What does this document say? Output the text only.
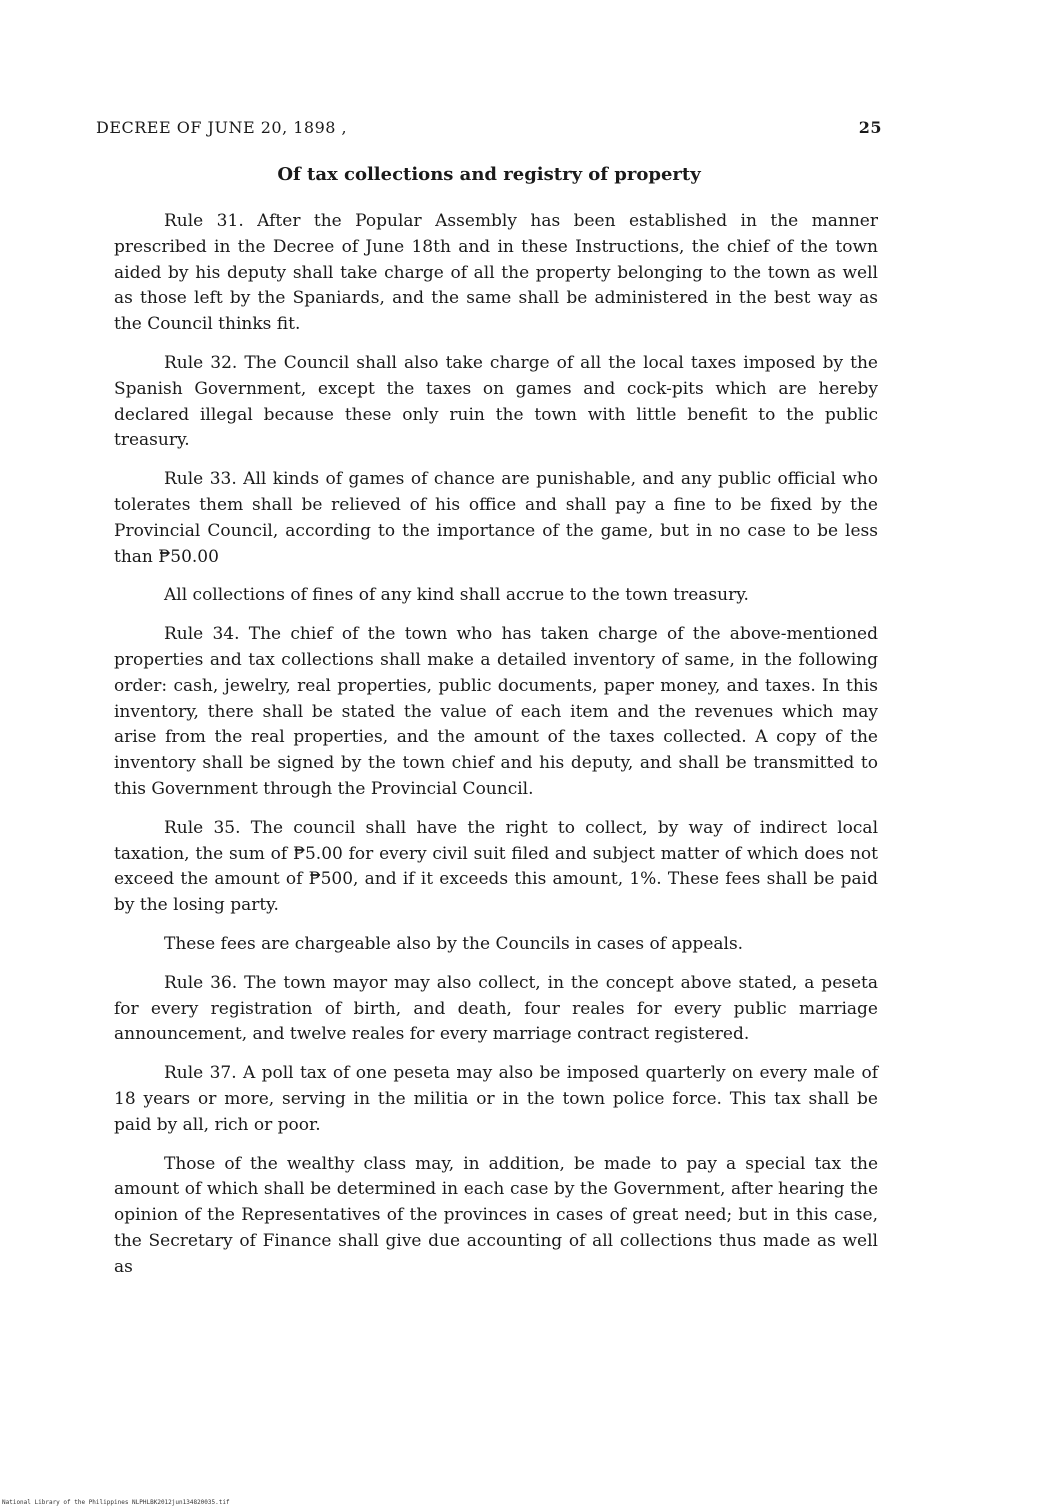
DECREE OF JUNE 20, 1898 ,	25
Of tax collections and registry of property

Rule 31. After the Popular Assembly has been established in the manner prescribed in the Decree of June 18th and in these Instructions, the chief of the town aided by his deputy shall take charge of all the property belonging to the town as well as those left by the Spaniards, and the same shall be administered in the best way as the Council thinks fit.

Rule 32. The Council shall also take charge of all the local taxes imposed by the Spanish Government, except the taxes on games and cock-pits which are hereby declared illegal because these only ruin the town with little benefit to the public treasury.

Rule 33. All kinds of games of chance are punishable, and any public official who tolerates them shall be relieved of his office and shall pay a fine to be fixed by the Provincial Council, according to the importance of the game, but in no case to be less than ₱50.00

All collections of fines of any kind shall accrue to the town treasury.

Rule 34. The chief of the town who has taken charge of the above-mentioned properties and tax collections shall make a detailed inventory of same, in the following order: cash, jewelry, real properties, public documents, paper money, and taxes. In this inventory, there shall be stated the value of each item and the revenues which may arise from the real properties, and the amount of the taxes collected. A copy of the inventory shall be signed by the town chief and his deputy, and shall be transmitted to this Government through the Provincial Council.

Rule 35. The council shall have the right to collect, by way of indirect local taxation, the sum of ₱5.00 for every civil suit filed and subject matter of which does not exceed the amount of ₱500, and if it exceeds this amount, 1%. These fees shall be paid by the losing party.

These fees are chargeable also by the Councils in cases of appeals.

Rule 36. The town mayor may also collect, in the concept above stated, a peseta for every registration of birth, and death, four reales for every public marriage announcement, and twelve reales for every marriage contract registered.

Rule 37. A poll tax of one peseta may also be imposed quarterly on every male of 18 years or more, serving in the militia or in the town police force. This tax shall be paid by all, rich or poor.

Those of the wealthy class may, in addition, be made to pay a special tax the amount of which shall be determined in each case by the Government, after hearing the opinion of the Representatives of the provinces in cases of great need; but in this case, the Secretary of Finance shall give due accounting of all collections thus made as well as

National Library of the Philippines NLPHLBK2012jun134820035.tif
